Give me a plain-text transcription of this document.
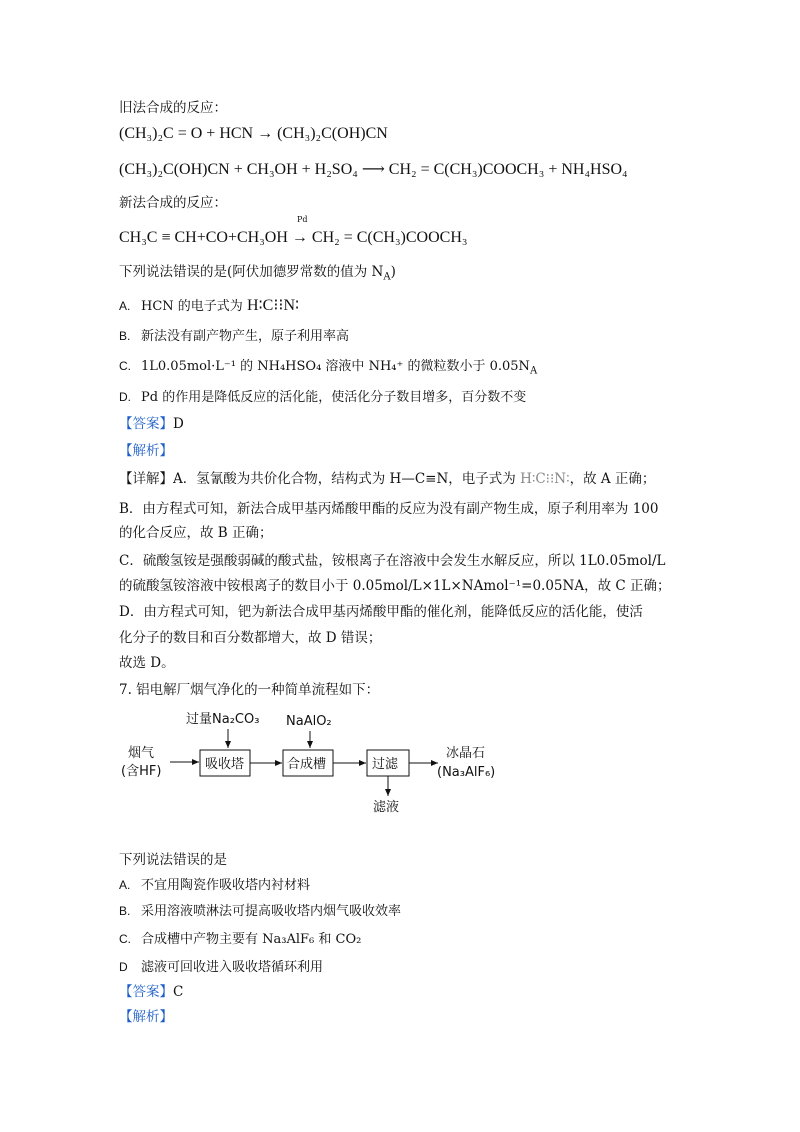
旧法合成的反应：
(CH₃)₂C = O + HCN → (CH₃)₂C(OH)CN
(CH₃)₂C(OH)CN + CH₃OH + H₂SO₄ ⟶ CH₂ = C(CH₃)COOCH₃ + NH₄HSO₄
新法合成的反应：
Pd
CH₃C ≡ CH+CO+CH₃OH → CH₂ = C(CH₃)COOCH₃
下列说法错误的是(阿伏加德罗常数的值为 $N_A$)
A. HCN 的电子式为 H∶C⁝⁝N∶
B. 新法没有副产物产生，原子利用率高
C. 1L0.05mol·L⁻¹ 的 NH₄HSO₄ 溶液中 NH₄⁺ 的微粒数小于 $0.05N_A$
D. Pd 的作用是降低反应的活化能，使活化分子数目增多，百分数不变
【答案】D
【解析】
【详解】A．氢氰酸为共价化合物，结构式为 H—C≡N，电子式为 H∶C⁝⁝N∶，故 A 正确；
B．由方程式可知，新法合成甲基丙烯酸甲酯的反应为没有副产物生成，原子利用率为 100
的化合反应，故 B 正确；
C．硫酸氢铵是强酸弱碱的酸式盐，铵根离子在溶液中会发生水解反应，所以 1L0.05mol/L
的硫酸氢铵溶液中铵根离子的数目小于 0.05mol/L×1L×NAmol⁻¹=0.05NA，故 C 正确；
D．由方程式可知，钯为新法合成甲基丙烯酸甲酯的催化剂，能降低反应的活化能，使活
化分子的数目和百分数都增大，故 D 错误；
故选 D。
7. 铝电解厂烟气净化的一种简单流程如下：
过量Na₂CO₃ NaAlO₂
烟气
(含HF)	吸收塔	合成槽	过滤
冰晶石
(Na₃AlF₆)
滤液
下列说法错误的是
A. 不宜用陶瓷作吸收塔内衬材料
B. 采用溶液喷淋法可提高吸收塔内烟气吸收效率
C. 合成槽中产物主要有 Na₃AlF₆ 和 CO₂
D 滤液可回收进入吸收塔循环利用
【答案】C
【解析】
